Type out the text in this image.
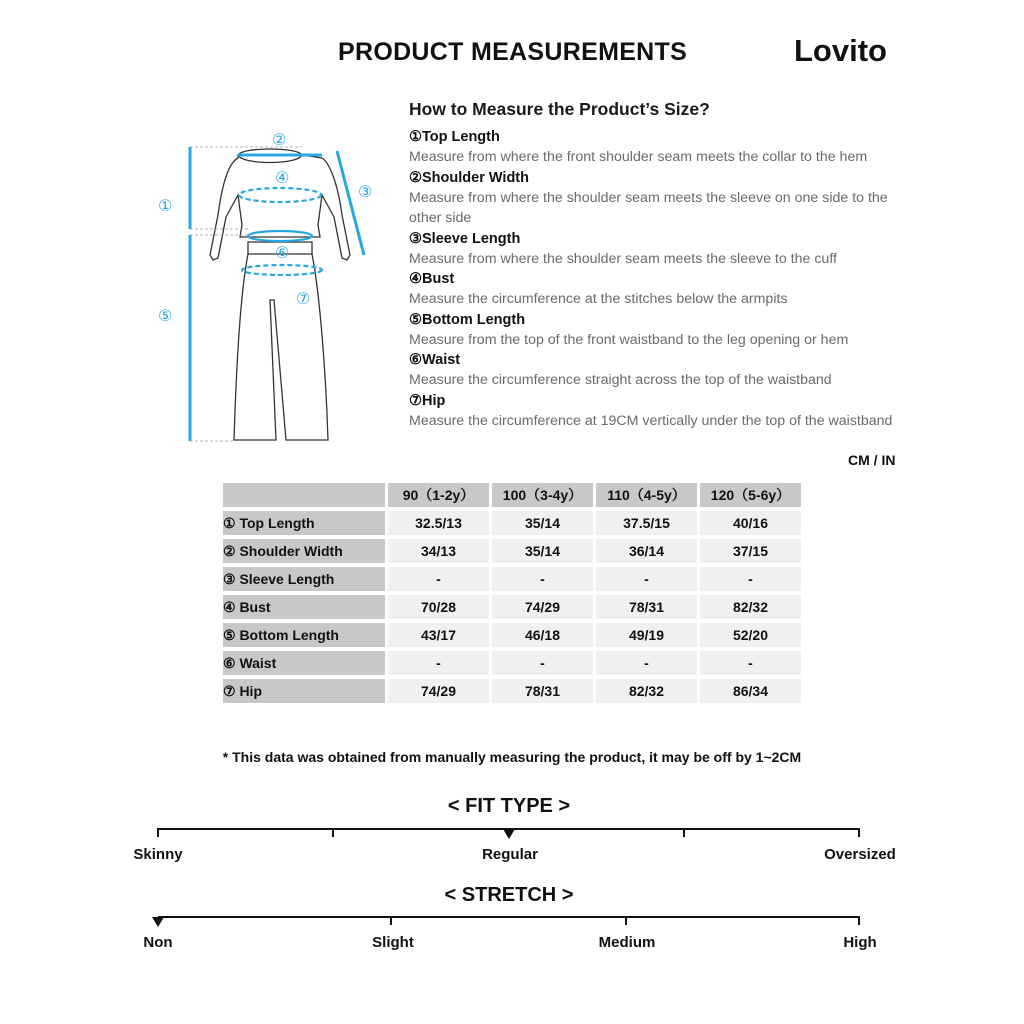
PRODUCT MEASUREMENTS	Lovito
①
②
③
④
⑤
⑥
⑦
How to Measure the Product’s Size?
①Top Length
Measure from where the front shoulder seam meets the collar to the hem
②Shoulder Width
Measure from where the shoulder seam meets the sleeve on one side to the other side
③Sleeve Length
Measure from where the shoulder seam meets the sleeve to the cuff
④Bust
Measure the circumference at the stitches below the armpits
⑤Bottom Length
Measure from the top of the front waistband to the leg opening or hem
⑥Waist
Measure the circumference straight across the top of the waistband
⑦Hip
Measure the circumference at 19CM vertically under the top of the waistband
CM / IN
	90（1-2y）	100（3-4y）	110（4-5y）	120（5-6y）
① Top Length	32.5/13	35/14	37.5/15	40/16
② Shoulder Width	34/13	35/14	36/14	37/15
③ Sleeve Length	-	-	-	-
④ Bust	70/28	74/29	78/31	82/32
⑤ Bottom Length	43/17	46/18	49/19	52/20
⑥ Waist	-	-	-	-
⑦ Hip	74/29	78/31	82/32	86/34
* This data was obtained from manually measuring the product, it may be off by 1~2CM
< FIT TYPE >
Skinny	Regular	Oversized
< STRETCH >
Non	Slight	Medium	High
